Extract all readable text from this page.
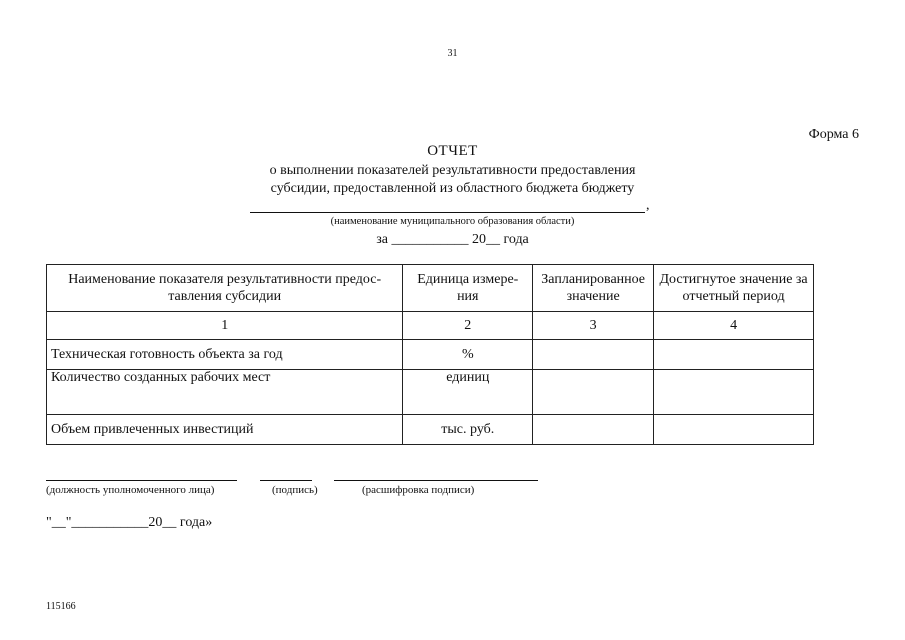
31
Форма 6
ОТЧЕТ
о выполнении показателей результативности предоставления
субсидии, предоставленной из областного бюджета бюджету
,
(наименование муниципального образования области)
за ___________ 20__ года
Наименование показателя результативности предос-тавления субсидии	Единица измере-ния	Запланированное значение	Достигнутое значение за отчетный период
1	2	3	4
Техническая готовность объекта за год	%		
Количество созданных рабочих мест	единиц		
Объем привлеченных инвестиций	тыс. руб.		
(должность уполномоченного лица)	(подпись)	(расшифровка подписи)
"__"___________20__ года»
115166
